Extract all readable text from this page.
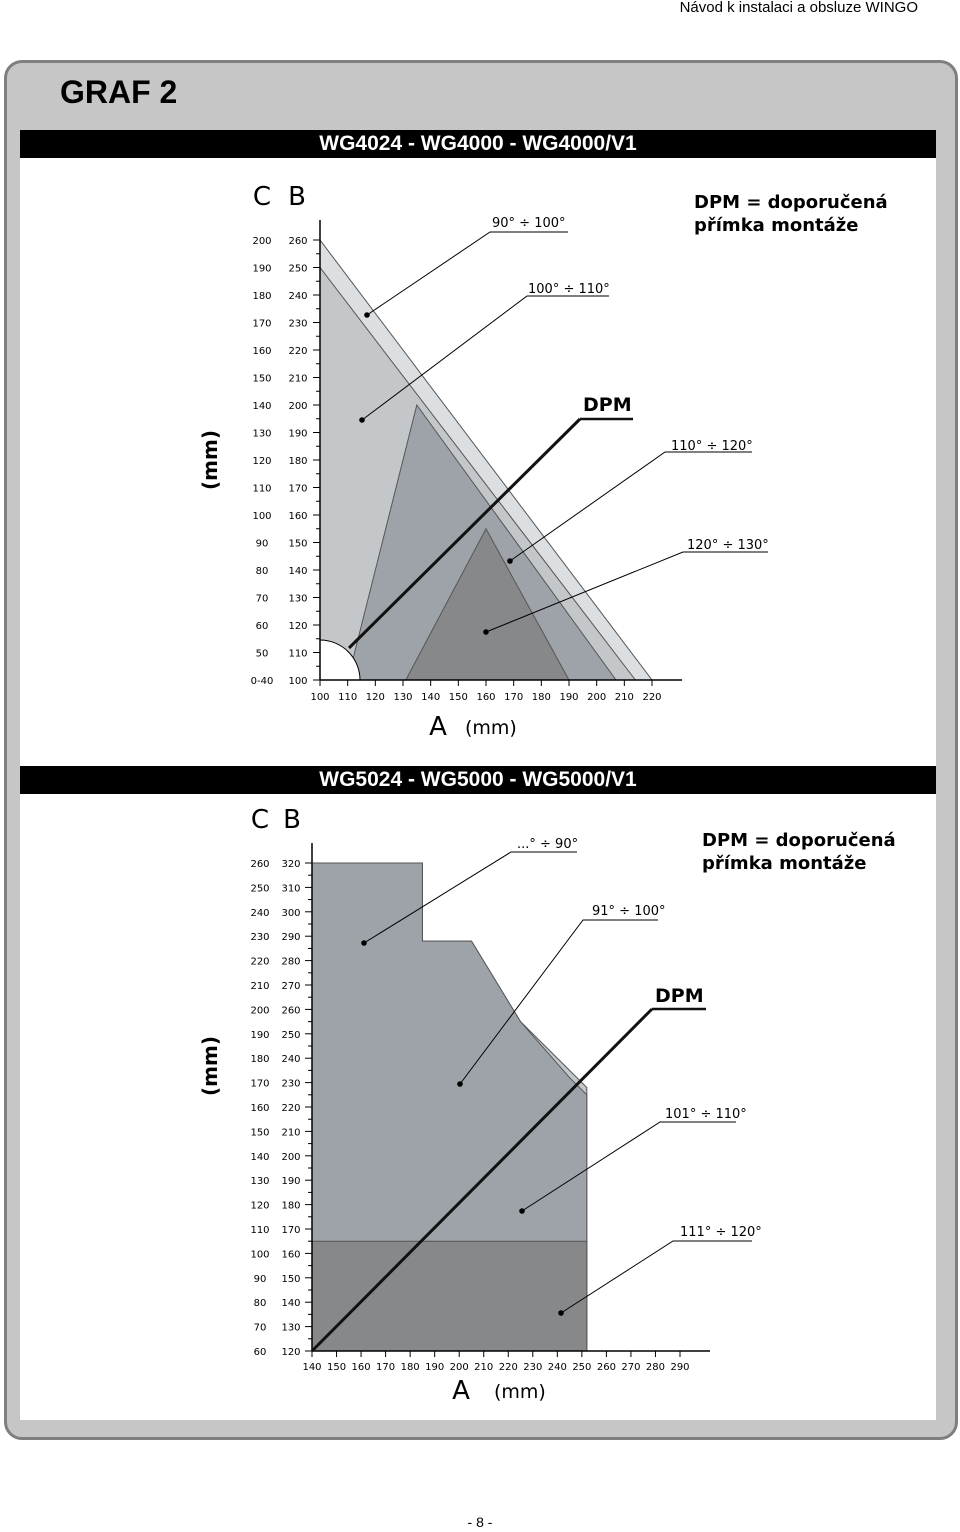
Návod k instalaci a obsluze WINGO
GRAF 2
WG4024 - WG4000 - WG4000/V1
260
200
250
190
240
180
230
170
220
160
210
150
200
140
190
130
180
120
170
110
160
100
150
90
140
80
130
70
120
60
110
50
100
0-40
100 110 120 130 140 150 160 170 180 190 200 210 220
C B
A (mm)
(mm)
DPM
90° ÷ 100°
100° ÷ 110°
110° ÷ 120°
120° ÷ 130°
DPM = doporučená
přímka montáže
WG5024 - WG5000 - WG5000/V1
320
260
310
250
300
240
290
230
280
220
270
210
260
200
250
190
240
180
230
170
220
160
210
150
200
140
190
130
180
120
170
110
160
100
150
90
140
80
130
70
120
60
140 150 160 170 180 190 200 210 220 230 240 250 260 270 280 290
C B
A (mm)
(mm)
DPM
...° ÷ 90°
91° ÷ 100°
101° ÷ 110°
111° ÷ 120°
DPM = doporučená
přímka montáže
- 8 -
